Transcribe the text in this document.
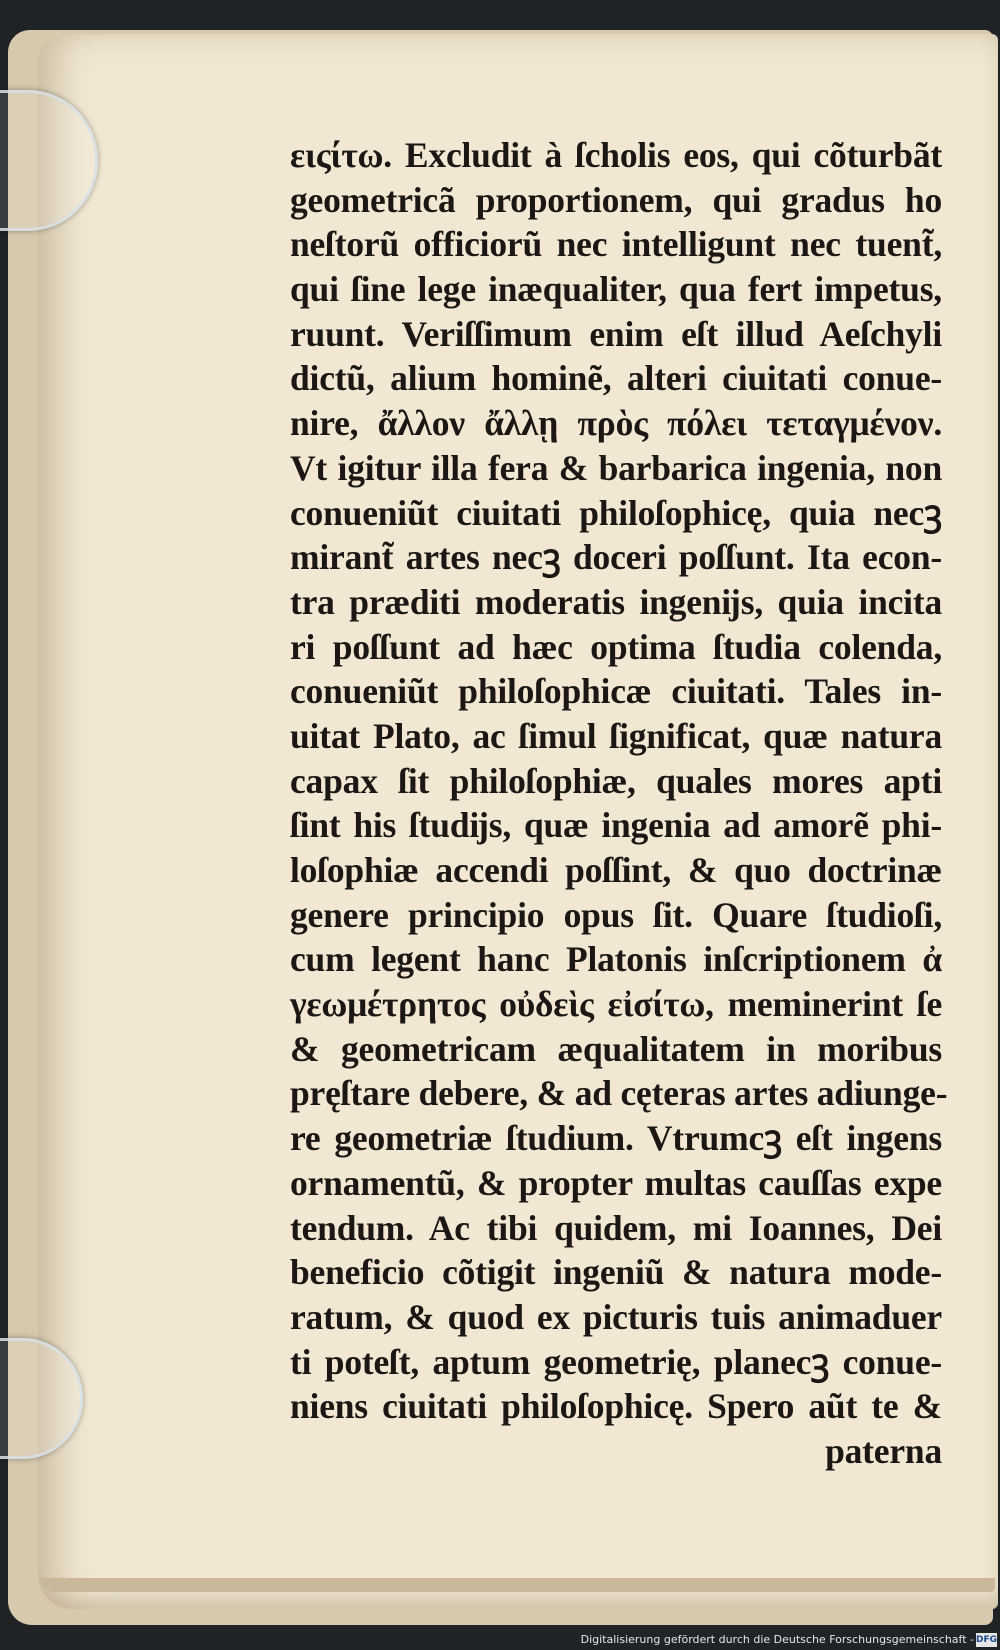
ειςίτω. Excludit à ſcholis eos, qui cõturbãt
geometricã proportionem, qui gradus ho
neſtorũ officiorũ nec intelligunt nec tuent̃,
qui ſine lege inæqualiter, qua fert impetus,
ruunt. Veriſſimum enim eſt illud Aeſchyli
dictũ, alium hominẽ, alteri ciuitati conue-
nire, ἄλλον ἄλλῃ πρὸς πόλει τεταγμένον.
Vt igitur illa fera & barbarica ingenia, non
conueniũt ciuitati philoſophicę, quia necꝫ
mirant̃ artes necꝫ doceri poſſunt. Ita econ-
tra præditi moderatis ingenĳs, quia incita
ri poſſunt ad hæc optima ſtudia colenda,
conueniũt philoſophicæ ciuitati. Tales in-
uitat Plato, ac ſimul ſignificat, quæ natura
capax ſit philoſophiæ, quales mores apti
ſint his ſtudĳs, quæ ingenia ad amorẽ phi-
loſophiæ accendi poſſint, & quo doctrinæ
genere principio opus ſit. Quare ſtudioſi,
cum legent hanc Platonis inſcriptionem ἀ
γεωμέτρητος οὐδεὶς εἰσίτω, meminerint ſe
& geometricam æqualitatem in moribus
pręſtare debere, & ad cęteras artes adiunge-
re geometriæ ſtudium. Vtrumcꝫ eſt ingens
ornamentũ, & propter multas cauſſas expe
tendum. Ac tibi quidem, mi Ioannes, Dei
beneficio cõtigit ingeniũ & natura mode-
ratum, & quod ex picturis tuis animaduer
ti poteſt, aptum geometrię, planecꝫ conue-
niens ciuitati philoſophicę. Spero aũt te &
paterna
Digitalisierung gefördert durch die Deutsche Forschungsgemeinschaft - DFG
